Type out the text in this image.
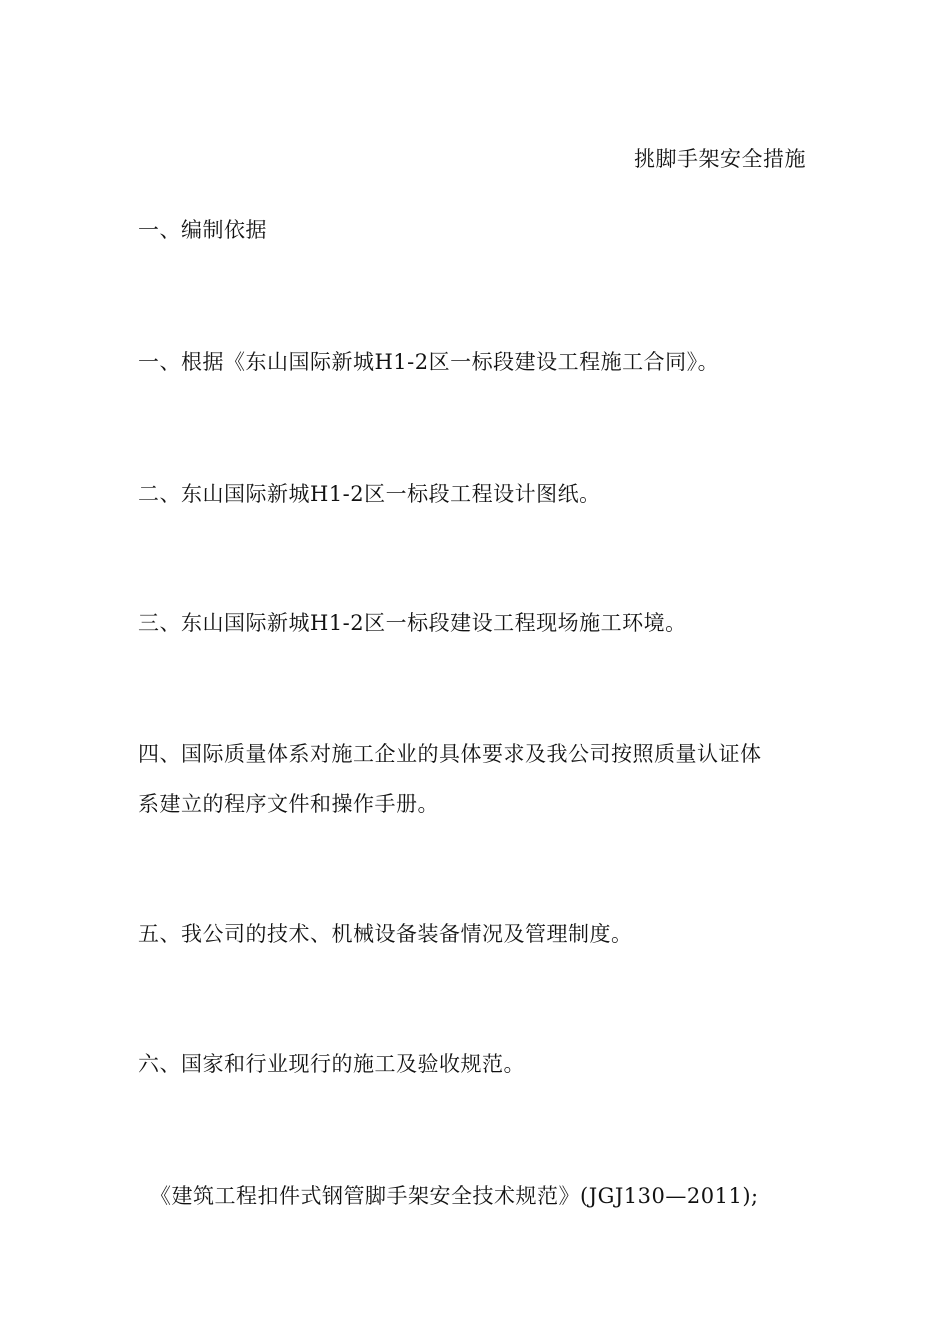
挑脚手架安全措施

一、编制依据

一、根据《东山国际新城H1-2区一标段建设工程施工合同》。

二、东山国际新城H1-2区一标段工程设计图纸。

三、东山国际新城H1-2区一标段建设工程现场施工环境。

四、国际质量体系对施工企业的具体要求及我公司按照质量认证体

系建立的程序文件和操作手册。

五、我公司的技术、机械设备装备情况及管理制度。

六、国家和行业现行的施工及验收规范。

《建筑工程扣件式钢管脚手架安全技术规范》(JGJ130—2011);
